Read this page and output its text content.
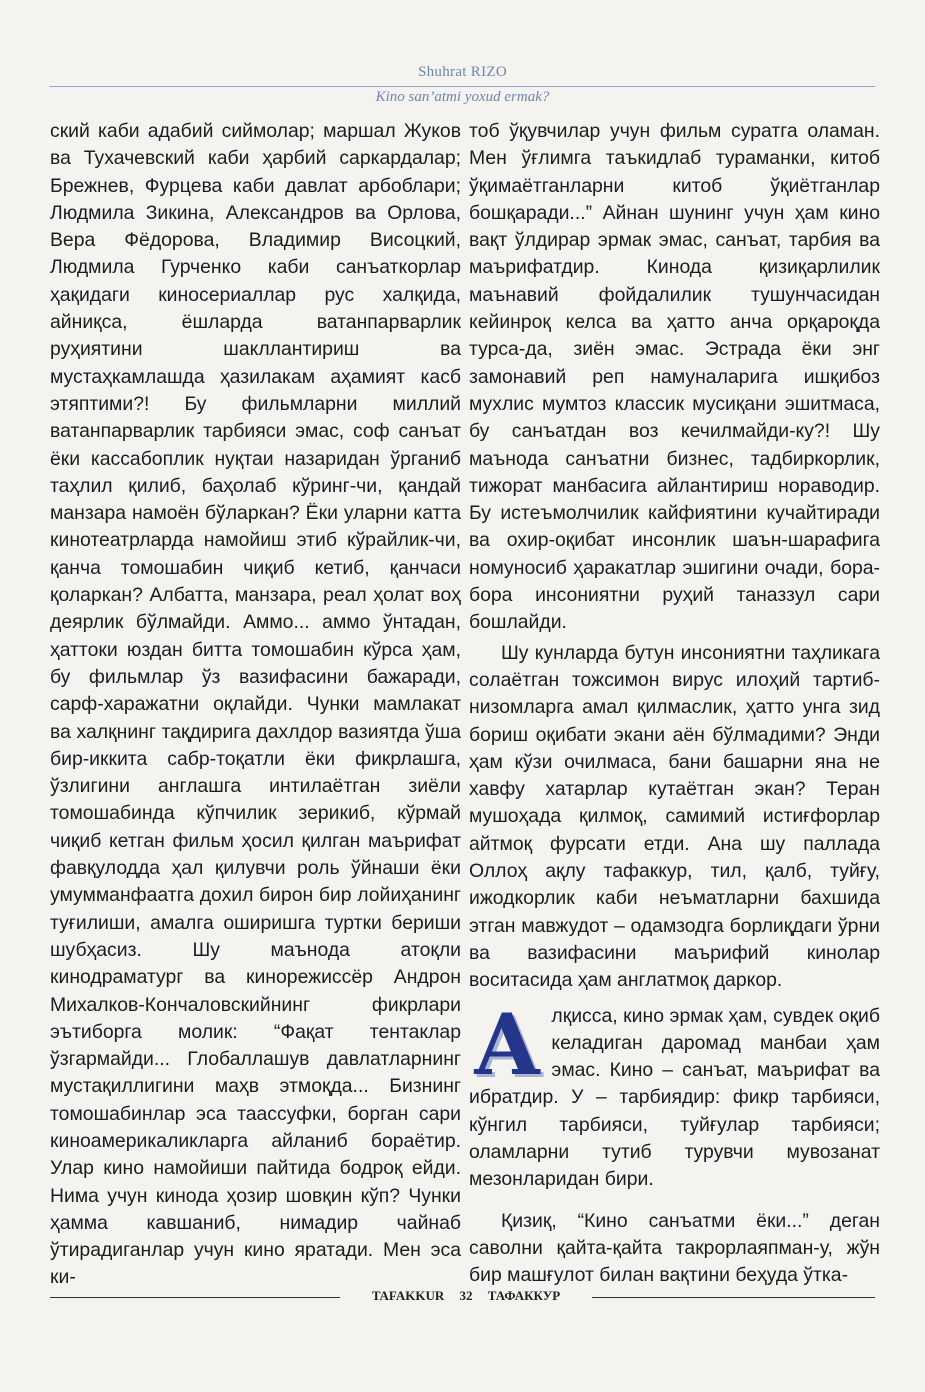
Shuhrat RIZO
Kino san’atmi yoxud ermak?

ский каби адабий сиймолар; маршал Жуков ва Тухачевский каби ҳарбий саркардалар; Брежнев, Фурцева каби давлат арбоблари; Людмила Зикина, Александров ва Орлова, Вера Фёдорова, Владимир Висоцкий, Людмила Гурченко каби санъаткорлар ҳақидаги киносериаллар рус халқида, айниқса, ёшларда ватанпарварлик руҳиятини шакллантириш ва мустаҳкамлашда ҳазилакам аҳамият касб этяптими?! Бу фильмларни миллий ватанпарварлик тарбияси эмас, соф санъат ёки кассабоплик нуқтаи назаридан ўрганиб таҳлил қилиб, баҳолаб кўринг-чи, қандай манзара намоён бўларкан? Ёки уларни катта кинотеатрларда намойиш этиб кўрайлик-чи, қанча томошабин чиқиб кетиб, қанчаси қоларкан? Албатта, манзара, реал ҳолат воҳ деярлик бўлмайди. Аммо... аммо ўнтадан, ҳаттоки юздан битта томошабин кўрса ҳам, бу фильмлар ўз вазифасини бажаради, сарф-харажатни оқлайди. Чунки мамлакат ва халқнинг тақдирига дахлдор вазиятда ўша бир-иккита сабр-тоқатли ёки фикрлашга, ўзлигини англашга интилаётган зиёли томошабинда кўпчилик зерикиб, кўрмай чиқиб кетган фильм ҳосил қилган маърифат фавқулодда ҳал қилувчи роль ўйнаши ёки умумманфаатга дохил бирон бир лойиҳанинг туғилиши, амалга оширишга туртки бериши шубҳасиз. Шу маънода атоқли кинодраматург ва кинорежиссёр Андрон Михалков-Кончаловскийнинг фикрлари эътиборга молик: “Фақат тентаклар ўзгармайди... Глобаллашув давлатларнинг мустақиллигини маҳв этмоқда... Бизнинг томошабинлар эса таассуфки, борган сари киноамерикаликларга айланиб бораётир. Улар кино намойиши пайтида бодроқ ейди. Нима учун кинода ҳозир шовқин кўп? Чунки ҳамма кавшаниб, нимадир чайнаб ўтирадиганлар учун кино яратади. Мен эса ки-

тоб ўқувчилар учун фильм суратга оламан. Мен ўғлимга таъкидлаб тураманки, китоб ўқимаётганларни китоб ўқиётганлар бошқаради...” Айнан шунинг учун ҳам кино вақт ўлдирар эрмак эмас, санъат, тарбия ва маърифатдир. Кинода қизиқарлилик маънавий фойдалилик тушунчасидан кейинроқ келса ва ҳатто анча орқароқда турса-да, зиён эмас. Эстрада ёки энг замонавий реп намуналарига ишқибоз мухлис мумтоз классик мусиқани эшитмаса, бу санъатдан воз кечилмайди-ку?! Шу маънода санъатни бизнес, тадбиркорлик, тижорат манбасига айлантириш нораводир. Бу истеъмолчилик кайфиятини кучайтиради ва охир-оқибат инсонлик шаън-шарафига номуносиб ҳаракатлар эшигини очади, бора-бора инсониятни руҳий таназзул сари бошлайди.

Шу кунларда бутун инсониятни таҳликага солаётган тожсимон вирус илоҳий тартиб-низомларга амал қилмаслик, ҳатто унга зид бориш оқибати экани аён бўлмадими? Энди ҳам кўзи очилмаса, бани башарни яна не хавфу хатарлар кутаётган экан? Теран мушоҳада қилмоқ, самимий истиғфорлар айтмоқ фурсати етди. Ана шу паллада Оллоҳ ақлу тафаккур, тил, қалб, туйғу, ижодкорлик каби неъматларни бахшида этган мавжудот – одамзодга борлиқдаги ўрни ва вазифасини маърифий кинолар воситасида ҳам англатмоқ даркор.

А лқисса, кино эрмак ҳам, сувдек оқиб келадиган даромад манбаи ҳам эмас. Кино – санъат, маърифат ва ибратдир. У – тарбиядир: фикр тарбияси, кўнгил тарбияси, туйғулар тарбияси; оламларни тутиб турувчи мувозанат мезонларидан бири.

Қизиқ, “Кино санъатми ёки...” деган саволни қайта-қайта такрорлаяпман-у, жўн бир машғулот билан вақтини беҳуда ўтка-

TAFAKKUR 32 ТАФАККУР
